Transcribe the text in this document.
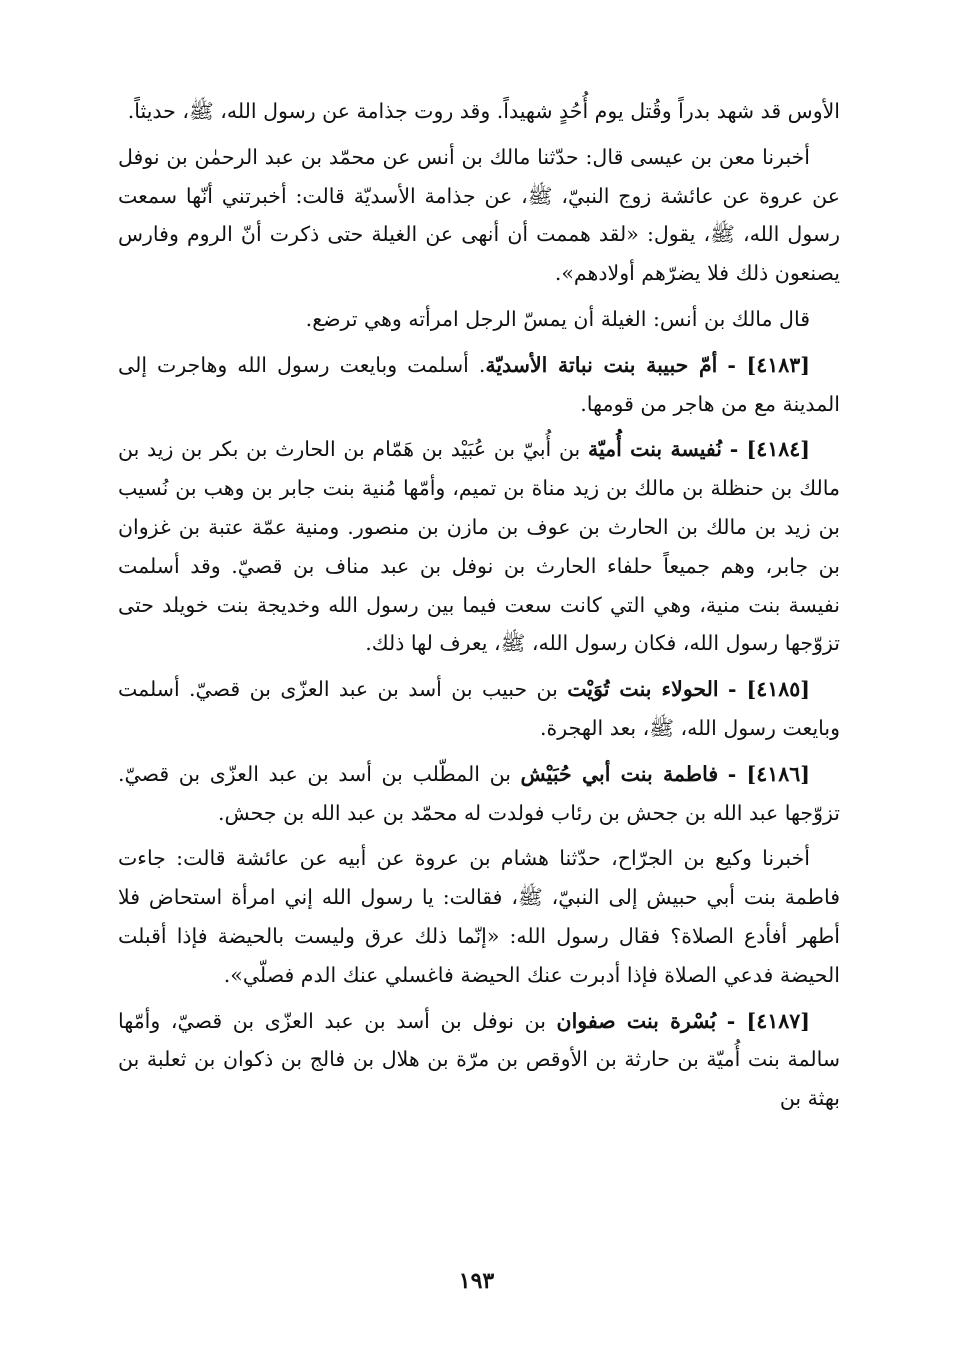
الأوس قد شهد بدراً وقُتل يوم أُحُدٍ شهيداً. وقد روت جذامة عن رسول الله، ﷺ، حديثاً.

أخبرنا معن بن عيسى قال: حدّثنا مالك بن أنس عن محمّد بن عبد الرحمٰن بن نوفل عن عروة عن عائشة زوج النبيّ، ﷺ، عن جذامة الأسديّة قالت: أخبرتني أنّها سمعت رسول الله، ﷺ، يقول: «لقد هممت أن أنهى عن الغيلة حتى ذكرت أنّ الروم وفارس يصنعون ذلك فلا يضرّهم أولادهم».

قال مالك بن أنس: الغيلة أن يمسّ الرجل امرأته وهي ترضع.

[٤١٨٣] - أمّ حبيبة بنت نباتة الأسديّة. أسلمت وبايعت رسول الله وهاجرت إلى المدينة مع من هاجر من قومها.

[٤١٨٤] - نُفيسة بنت أُميّة بن أُبيّ بن عُبَيْد بن هَمّام بن الحارث بن بكر بن زيد بن مالك بن حنظلة بن مالك بن زيد مناة بن تميم، وأمّها مُنية بنت جابر بن وهب بن نُسيب بن زيد بن مالك بن الحارث بن عوف بن مازن بن منصور. ومنية عمّة عتبة بن غزوان بن جابر، وهم جميعاً حلفاء الحارث بن نوفل بن عبد مناف بن قصيّ. وقد أسلمت نفيسة بنت منية، وهي التي كانت سعت فيما بين رسول الله وخديجة بنت خويلد حتى تزوّجها رسول الله، فكان رسول الله، ﷺ، يعرف لها ذلك.

[٤١٨٥] - الحولاء بنت تُوَيْت بن حبيب بن أسد بن عبد العزّى بن قصيّ. أسلمت وبايعت رسول الله، ﷺ، بعد الهجرة.

[٤١٨٦] - فاطمة بنت أبي حُبَيْش بن المطّلب بن أسد بن عبد العزّى بن قصيّ. تزوّجها عبد الله بن جحش بن رئاب فولدت له محمّد بن عبد الله بن جحش.

أخبرنا وكيع بن الجرّاح، حدّثنا هشام بن عروة عن أبيه عن عائشة قالت: جاءت فاطمة بنت أبي حبيش إلى النبيّ، ﷺ، فقالت: يا رسول الله إني امرأة استحاض فلا أطهر أفأدع الصلاة؟ فقال رسول الله: «إنّما ذلك عرق وليست بالحيضة فإذا أقبلت الحيضة فدعي الصلاة فإذا أدبرت عنك الحيضة فاغسلي عنك الدم فصلّي».

[٤١٨٧] - بُسْرة بنت صفوان بن نوفل بن أسد بن عبد العزّى بن قصيّ، وأمّها سالمة بنت أُميّة بن حارثة بن الأوقص بن مرّة بن هلال بن فالج بن ذكوان بن ثعلبة بن بهثة بن

١٩٣
